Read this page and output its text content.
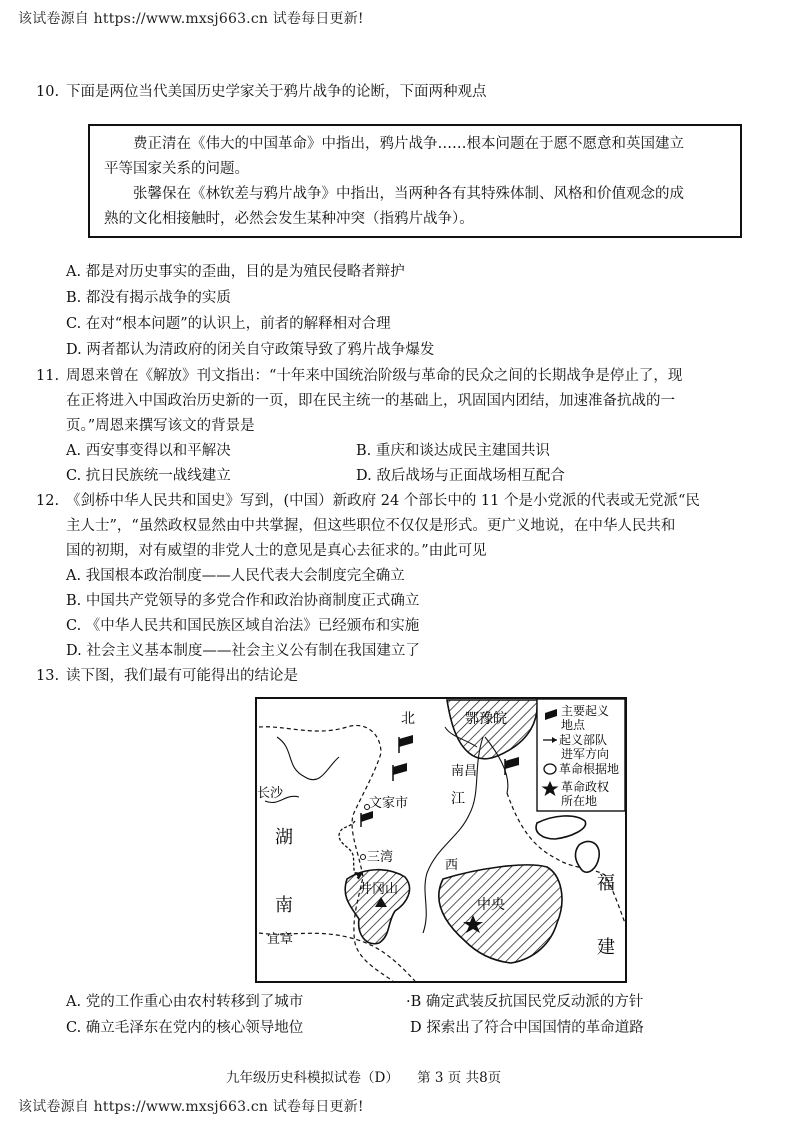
该试卷源自 https://www.mxsj663.cn 试卷每日更新!
10. 下面是两位当代美国历史学家关于鸦片战争的论断，下面两种观点

费正清在《伟大的中国革命》中指出，鸦片战争……根本问题在于愿不愿意和英国建立

平等国家关系的问题。

张馨保在《林钦差与鸦片战争》中指出，当两种各有其特殊体制、风格和价值观念的成

熟的文化相接触时，必然会发生某种冲突（指鸦片战争）。

A. 都是对历史事实的歪曲，目的是为殖民侵略者辩护
B. 都没有揭示战争的实质
C. 在对“根本问题”的认识上，前者的解释相对合理
D. 两者都认为清政府的闭关自守政策导致了鸦片战争爆发
11. 周恩来曾在《解放》刊文指出：“十年来中国统治阶级与革命的民众之间的长期战争是停止了，现
在正将进入中国政治历史新的一页，即在民主统一的基础上，巩固国内团结，加速准备抗战的一
页。”周恩来撰写该文的背景是
A. 西安事变得以和平解决	B. 重庆和谈达成民主建国共识
C. 抗日民族统一战线建立	D. 敌后战场与正面战场相互配合
12. 《剑桥中华人民共和国史》写到，(中国）新政府 24 个部长中的 11 个是小党派的代表或无党派“民
主人士”，“虽然政权显然由中共掌握，但这些职位不仅仅是形式。更广义地说，在中华人民共和
国的初期，对有威望的非党人士的意见是真心去征求的。”由此可见
A. 我国根本政治制度——人民代表大会制度完全确立
B. 中国共产党领导的多党合作和政治协商制度正式确立
C. 《中华人民共和国民族区域自治法》已经颁布和实施
D. 社会主义基本制度——社会主义公有制在我国建立了
13. 读下图，我们最有可能得出的结论是
北	鄂豫皖
南昌
长沙
文家市	江
湖
三湾
西
井冈山
中央
福
南
宜章	建
主要起义
地点
起义部队
进军方向
革命根据地
革命政权
所在地
A. 党的工作重心由农村转移到了城市	·B 确定武装反抗国民党反动派的方针
C. 确立毛泽东在党内的核心领导地位	D 探索出了符合中国国情的革命道路
九年级历史科模拟试卷（D） 第 3 页 共8页
该试卷源自 https://www.mxsj663.cn 试卷每日更新!
